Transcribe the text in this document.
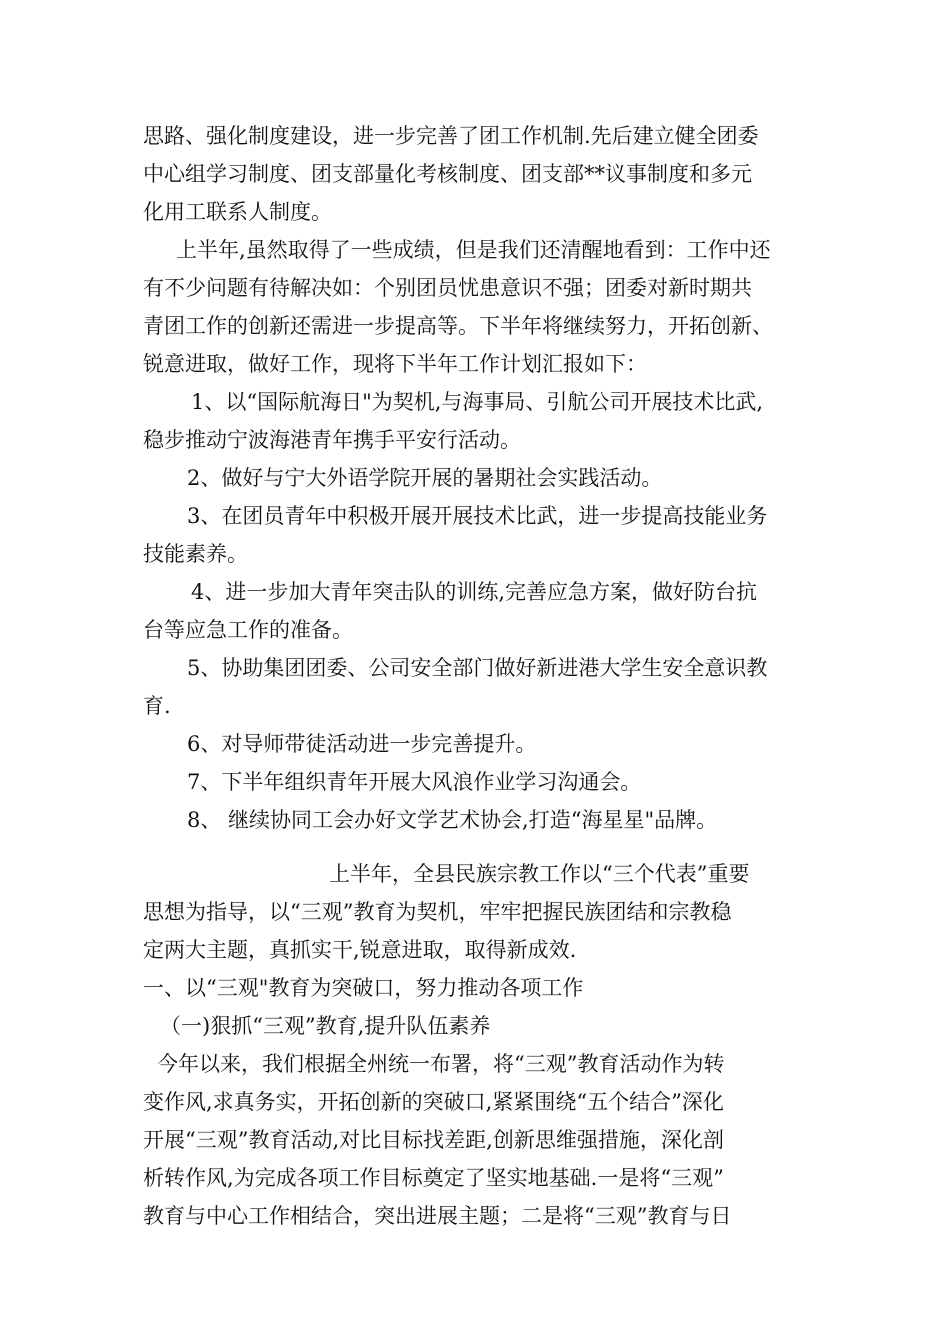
思路、强化制度建设，进一步完善了团工作机制.先后建立健全团委

中心组学习制度、团支部量化考核制度、团支部**议事制度和多元

化用工联系人制度。

上半年,虽然取得了一些成绩，但是我们还清醒地看到：工作中还

有不少问题有待解决如：个别团员忧患意识不强；团委对新时期共

青团工作的创新还需进一步提高等。下半年将继续努力，开拓创新、

锐意进取，做好工作，现将下半年工作计划汇报如下：

1、以“国际航海日"为契机,与海事局、引航公司开展技术比武,

稳步推动宁波海港青年携手平安行活动。

2、做好与宁大外语学院开展的暑期社会实践活动。

3、在团员青年中积极开展开展技术比武，进一步提高技能业务

技能素养。

4、进一步加大青年突击队的训练,完善应急方案，做好防台抗

台等应急工作的准备。

5、协助集团团委、公司安全部门做好新进港大学生安全意识教

育.

6、对导师带徒活动进一步完善提升。

7、下半年组织青年开展大风浪作业学习沟通会。

8、 继续协同工会办好文学艺术协会,打造“海星星"品牌。

上半年，全县民族宗教工作以“三个代表”重要

思想为指导，以“三观”教育为契机，牢牢把握民族团结和宗教稳

定两大主题，真抓实干,锐意进取，取得新成效.

一、以“三观"教育为突破口，努力推动各项工作

（一)狠抓“三观”教育,提升队伍素养

今年以来，我们根据全州统一布署，将“三观”教育活动作为转

变作风,求真务实，开拓创新的突破口,紧紧围绕“五个结合”深化

开展“三观”教育活动,对比目标找差距,创新思维强措施，深化剖

析转作风,为完成各项工作目标奠定了坚实地基础.一是将“三观”

教育与中心工作相结合，突出进展主题；二是将“三观”教育与日
